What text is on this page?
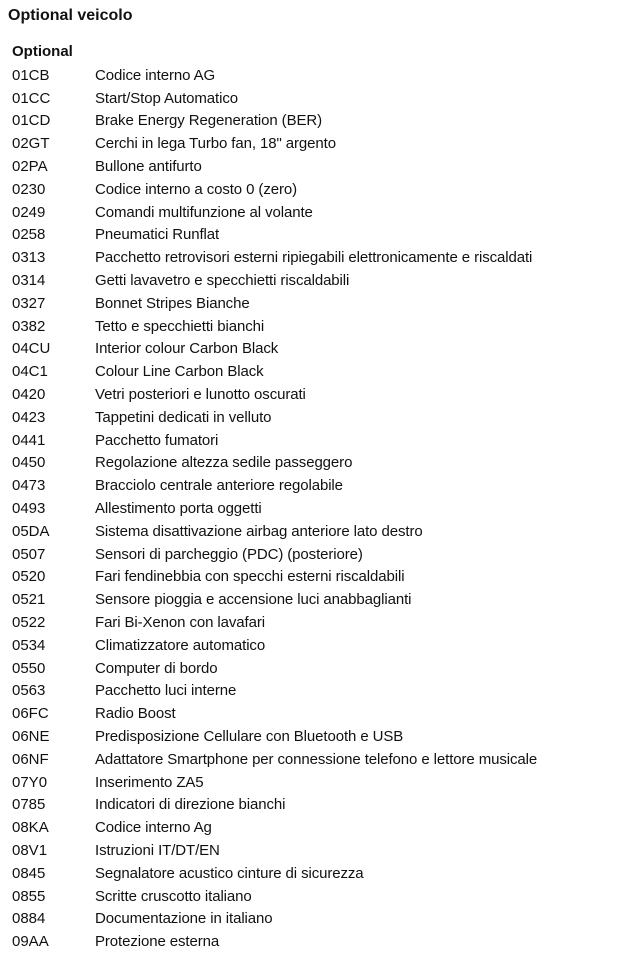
Optional veicolo
Optional
01CB	Codice interno AG
01CC	Start/Stop Automatico
01CD	Brake Energy Regeneration (BER)
02GT	Cerchi in lega Turbo fan, 18" argento
02PA	Bullone antifurto
0230	Codice interno a costo 0 (zero)
0249	Comandi multifunzione al volante
0258	Pneumatici Runflat
0313	Pacchetto retrovisori esterni ripiegabili elettronicamente e riscaldati
0314	Getti lavavetro e specchietti riscaldabili
0327	Bonnet Stripes Bianche
0382	Tetto e specchietti bianchi
04CU	Interior colour Carbon Black
04C1	Colour Line Carbon Black
0420	Vetri posteriori e lunotto oscurati
0423	Tappetini dedicati in velluto
0441	Pacchetto fumatori
0450	Regolazione altezza sedile passeggero
0473	Bracciolo centrale anteriore regolabile
0493	Allestimento porta oggetti
05DA	Sistema disattivazione airbag anteriore lato destro
0507	Sensori di parcheggio (PDC) (posteriore)
0520	Fari fendinebbia con specchi esterni riscaldabili
0521	Sensore pioggia e accensione luci anabbaglianti
0522	Fari Bi-Xenon con lavafari
0534	Climatizzatore automatico
0550	Computer di bordo
0563	Pacchetto luci interne
06FC	Radio Boost
06NE	Predisposizione Cellulare con Bluetooth e USB
06NF	Adattatore Smartphone per connessione telefono e lettore musicale
07Y0	Inserimento ZA5
0785	Indicatori di direzione bianchi
08KA	Codice interno Ag
08V1	Istruzioni IT/DT/EN
0845	Segnalatore acustico cinture di sicurezza
0855	Scritte cruscotto italiano
0884	Documentazione in italiano
09AA	Protezione esterna
